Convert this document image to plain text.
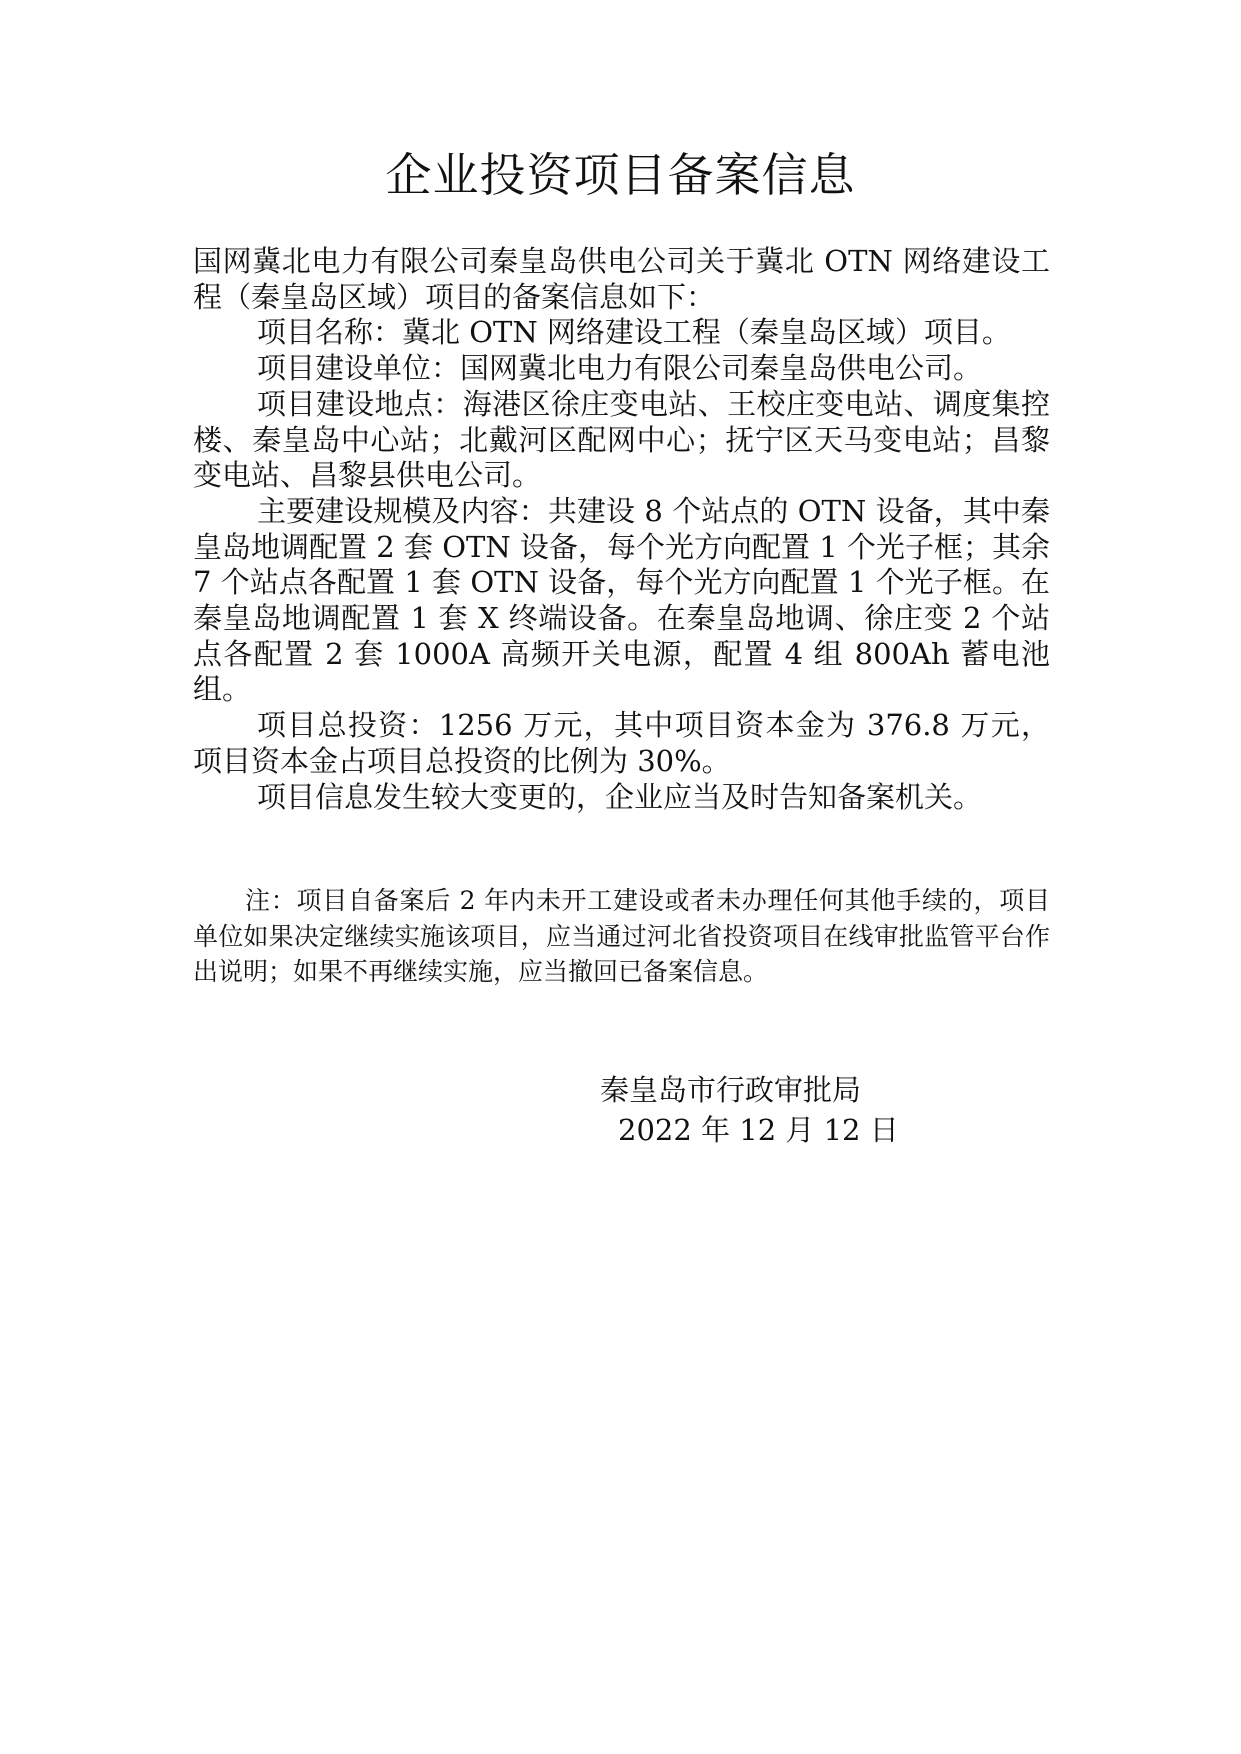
企业投资项目备案信息

国网冀北电力有限公司秦皇岛供电公司关于冀北 OTN 网络建设工程（秦皇岛区域）项目的备案信息如下：

项目名称：冀北 OTN 网络建设工程（秦皇岛区域）项目。

项目建设单位：国网冀北电力有限公司秦皇岛供电公司。

项目建设地点：海港区徐庄变电站、王校庄变电站、调度集控楼、秦皇岛中心站；北戴河区配网中心；抚宁区天马变电站；昌黎变电站、昌黎县供电公司。

主要建设规模及内容：共建设 8 个站点的 OTN 设备，其中秦皇岛地调配置 2 套 OTN 设备，每个光方向配置 1 个光子框；其余 7 个站点各配置 1 套 OTN 设备，每个光方向配置 1 个光子框。在秦皇岛地调配置 1 套 X 终端设备。在秦皇岛地调、徐庄变 2 个站点各配置 2 套 1000A 高频开关电源，配置 4 组 800Ah 蓄电池组。

项目总投资：1256 万元，其中项目资本金为 376.8 万元，项目资本金占项目总投资的比例为 30%。

项目信息发生较大变更的，企业应当及时告知备案机关。

注：项目自备案后 2 年内未开工建设或者未办理任何其他手续的，项目单位如果决定继续实施该项目，应当通过河北省投资项目在线审批监管平台作出说明；如果不再继续实施，应当撤回已备案信息。

秦皇岛市行政审批局
2022 年 12 月 12 日
